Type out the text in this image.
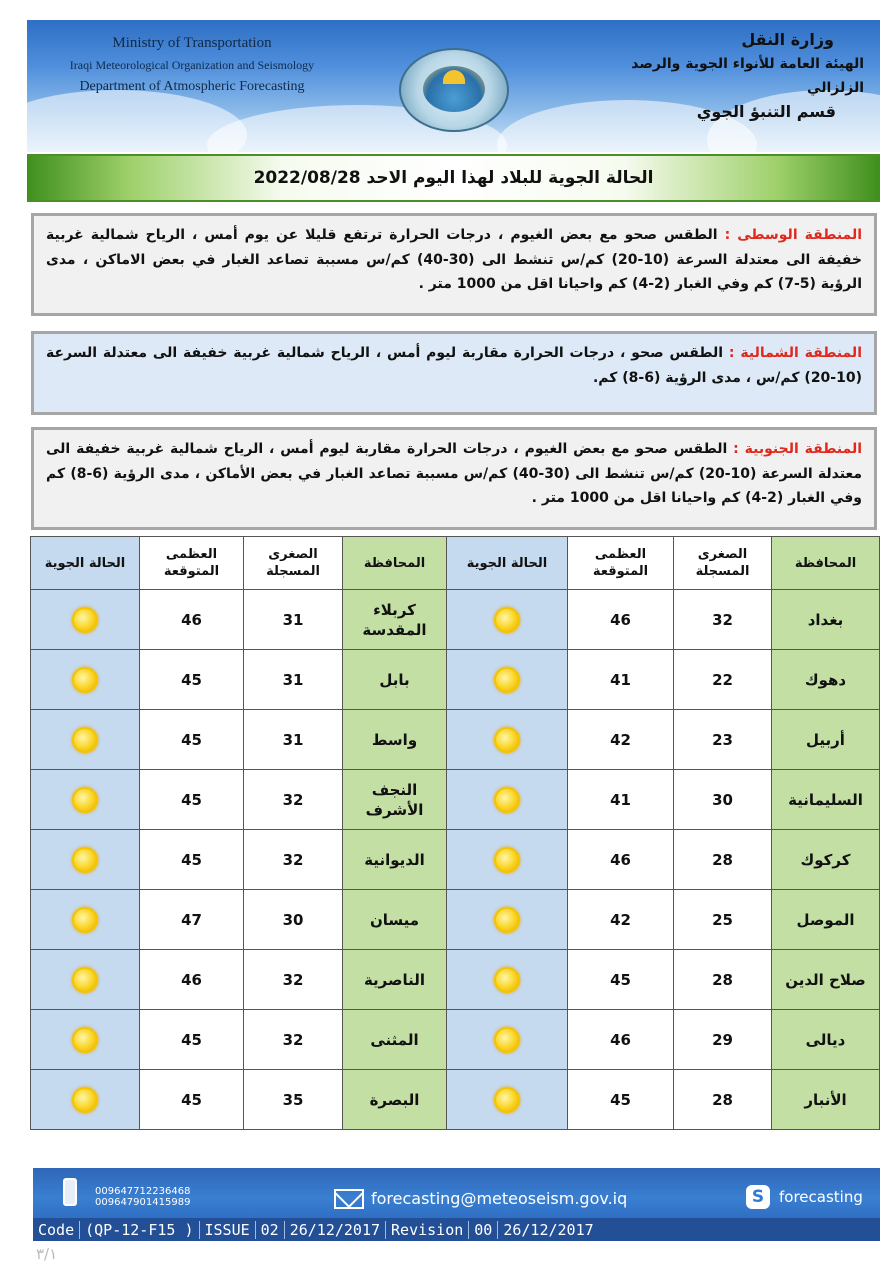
Ministry of Transportation
Iraqi Meteorological Organization and Seismology
Department of Atmospheric Forecasting
وزارة النقل
الهيئة العامة للأنواء الجوية والرصد الزلزالي
قسم التنبؤ الجوي
الحالة الجوية للبلاد لهذا اليوم الاحد 2022/08/28
المنطقة الوسطى : الطقس صحو مع بعض الغيوم ، درجات الحرارة ترتفع قليلا عن يوم أمس ، الرياح شمالية غربية خفيفة الى معتدلة السرعة (10-20) كم/س تنشط الى (30-40) كم/س مسببة تصاعد الغبار في بعض الاماكن ، مدى الرؤية (5-7) كم وفي الغبار (2-4) كم واحيانا اقل من 1000 متر .
المنطقة الشمالية : الطقس صحو ، درجات الحرارة مقاربة ليوم أمس ، الرياح شمالية غربية خفيفة الى معتدلة السرعة (10-20) كم/س ، مدى الرؤية (6-8) كم.
المنطقة الجنوبية : الطقس صحو مع بعض الغيوم ، درجات الحرارة مقاربة ليوم أمس ، الرياح شمالية غربية خفيفة الى معتدلة السرعة (10-20) كم/س تنشط الى (30-40) كم/س مسببة تصاعد الغبار في بعض الأماكن ، مدى الرؤية (6-8) كم وفي الغبار (2-4) كم واحيانا اقل من 1000 متر .
المحافظة	الصغرى المسجلة	العظمى المتوقعة	الحالة الجوية	المحافظة	الصغرى المسجلة	العظمى المتوقعة	الحالة الجوية
بغداد	32	46		كربلاء المقدسة	31	46	
دهوك	22	41		بابل	31	45	
أربيل	23	42		واسط	31	45	
السليمانية	30	41		النجف الأشرف	32	45	
كركوك	28	46		الديوانية	32	45	
الموصل	25	42		ميسان	30	47	
صلاح الدين	28	45		الناصرية	32	46	
ديالى	29	46		المثنى	32	45	
الأنبار	28	45		البصرة	35	45	
009647712236468
009647901415989	forecasting@meteoseism.gov.iq	S forecasting
Code (QP-12-F15 ) ISSUE 02 26/12/2017 Revision 00 26/12/2017
٣/١
